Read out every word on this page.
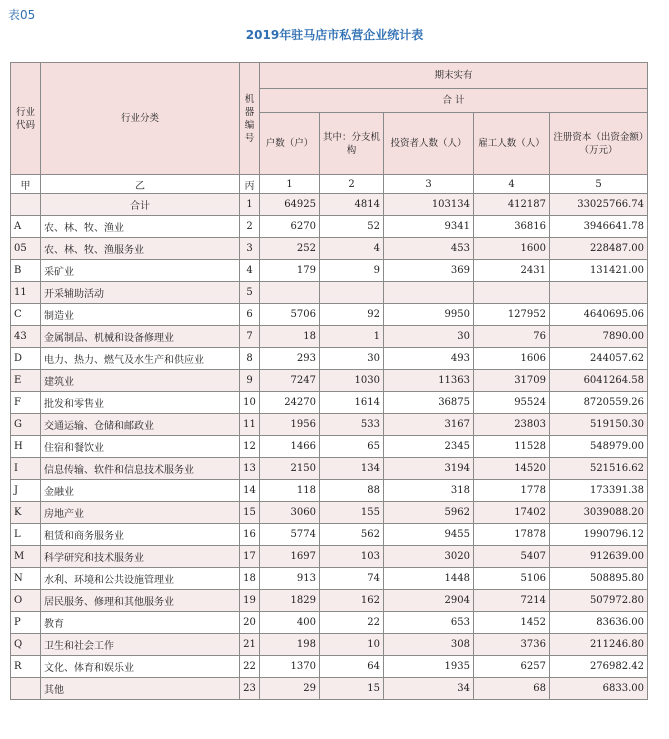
表05
2019年驻马店市私营企业统计表
行业代码	行业分类	机器编号	期末实有				
			合 计				
			户数（户）	其中：分支机构	投资者人数（人）	雇工人数（人）	注册资本（出资金额）（万元）
甲	乙	丙	1	2	3	4	5
	合计	1	64925	4814	103134	412187	33025766.74
A	农、林、牧、渔业	2	6270	52	9341	36816	3946641.78
05	农、林、牧、渔服务业	3	252	4	453	1600	228487.00
B	采矿业	4	179	9	369	2431	131421.00
11	开采辅助活动	5					
C	制造业	6	5706	92	9950	127952	4640695.06
43	金属制品、机械和设备修理业	7	18	1	30	76	7890.00
D	电力、热力、燃气及水生产和供应业	8	293	30	493	1606	244057.62
E	建筑业	9	7247	1030	11363	31709	6041264.58
F	批发和零售业	10	24270	1614	36875	95524	8720559.26
G	交通运输、仓储和邮政业	11	1956	533	3167	23803	519150.30
H	住宿和餐饮业	12	1466	65	2345	11528	548979.00
I	信息传输、软件和信息技术服务业	13	2150	134	3194	14520	521516.62
J	金融业	14	118	88	318	1778	173391.38
K	房地产业	15	3060	155	5962	17402	3039088.20
L	租赁和商务服务业	16	5774	562	9455	17878	1990796.12
M	科学研究和技术服务业	17	1697	103	3020	5407	912639.00
N	水利、环境和公共设施管理业	18	913	74	1448	5106	508895.80
O	居民服务、修理和其他服务业	19	1829	162	2904	7214	507972.80
P	教育	20	400	22	653	1452	83636.00
Q	卫生和社会工作	21	198	10	308	3736	211246.80
R	文化、体育和娱乐业	22	1370	64	1935	6257	276982.42
	其他	23	29	15	34	68	6833.00
